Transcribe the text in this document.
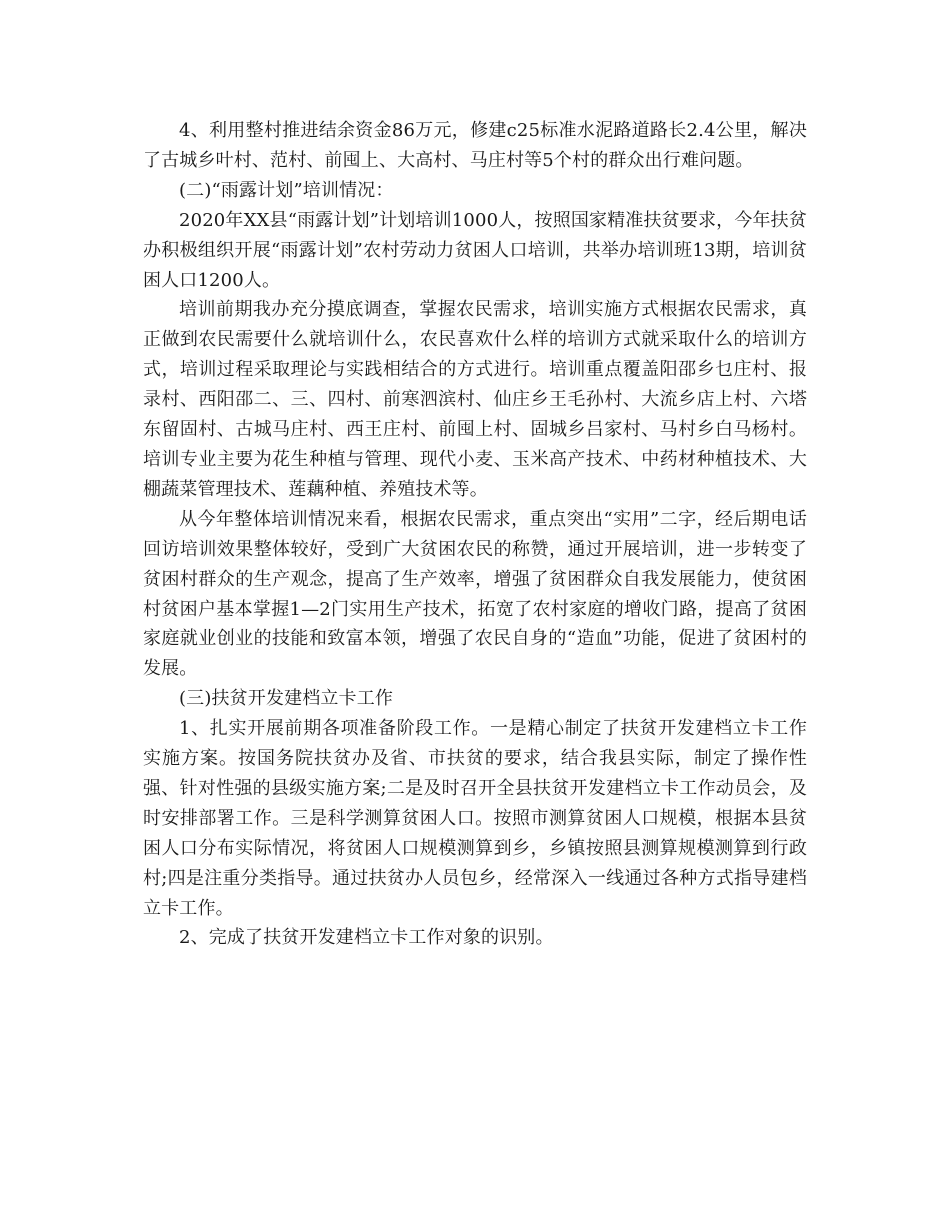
4、利用整村推进结余资金86万元，修建c25标准水泥路道路长2.4公里，解决了古城乡叶村、范村、前囤上、大高村、马庄村等5个村的群众出行难问题。

(二)“雨露计划”培训情况：

2020年XX县“雨露计划”计划培训1000人，按照国家精准扶贫要求，今年扶贫办积极组织开展“雨露计划”农村劳动力贫困人口培训，共举办培训班13期，培训贫困人口1200人。

培训前期我办充分摸底调查，掌握农民需求，培训实施方式根据农民需求，真正做到农民需要什么就培训什么，农民喜欢什么样的培训方式就采取什么的培训方式，培训过程采取理论与实践相结合的方式进行。培训重点覆盖阳邵乡乜庄村、报录村、西阳邵二、三、四村、前寒泗滨村、仙庄乡王毛孙村、大流乡店上村、六塔东留固村、古城马庄村、西王庄村、前囤上村、固城乡吕家村、马村乡白马杨村。培训专业主要为花生种植与管理、现代小麦、玉米高产技术、中药材种植技术、大棚蔬菜管理技术、莲藕种植、养殖技术等。

从今年整体培训情况来看，根据农民需求，重点突出“实用”二字，经后期电话回访培训效果整体较好，受到广大贫困农民的称赞，通过开展培训，进一步转变了贫困村群众的生产观念，提高了生产效率，增强了贫困群众自我发展能力，使贫困村贫困户基本掌握1—2门实用生产技术，拓宽了农村家庭的增收门路，提高了贫困家庭就业创业的技能和致富本领，增强了农民自身的“造血”功能，促进了贫困村的发展。

(三)扶贫开发建档立卡工作

1、扎实开展前期各项准备阶段工作。一是精心制定了扶贫开发建档立卡工作实施方案。按国务院扶贫办及省、市扶贫的要求，结合我县实际，制定了操作性强、针对性强的县级实施方案;二是及时召开全县扶贫开发建档立卡工作动员会，及时安排部署工作。三是科学测算贫困人口。按照市测算贫困人口规模，根据本县贫困人口分布实际情况，将贫困人口规模测算到乡，乡镇按照县测算规模测算到行政村;四是注重分类指导。通过扶贫办人员包乡，经常深入一线通过各种方式指导建档立卡工作。

2、完成了扶贫开发建档立卡工作对象的识别。
